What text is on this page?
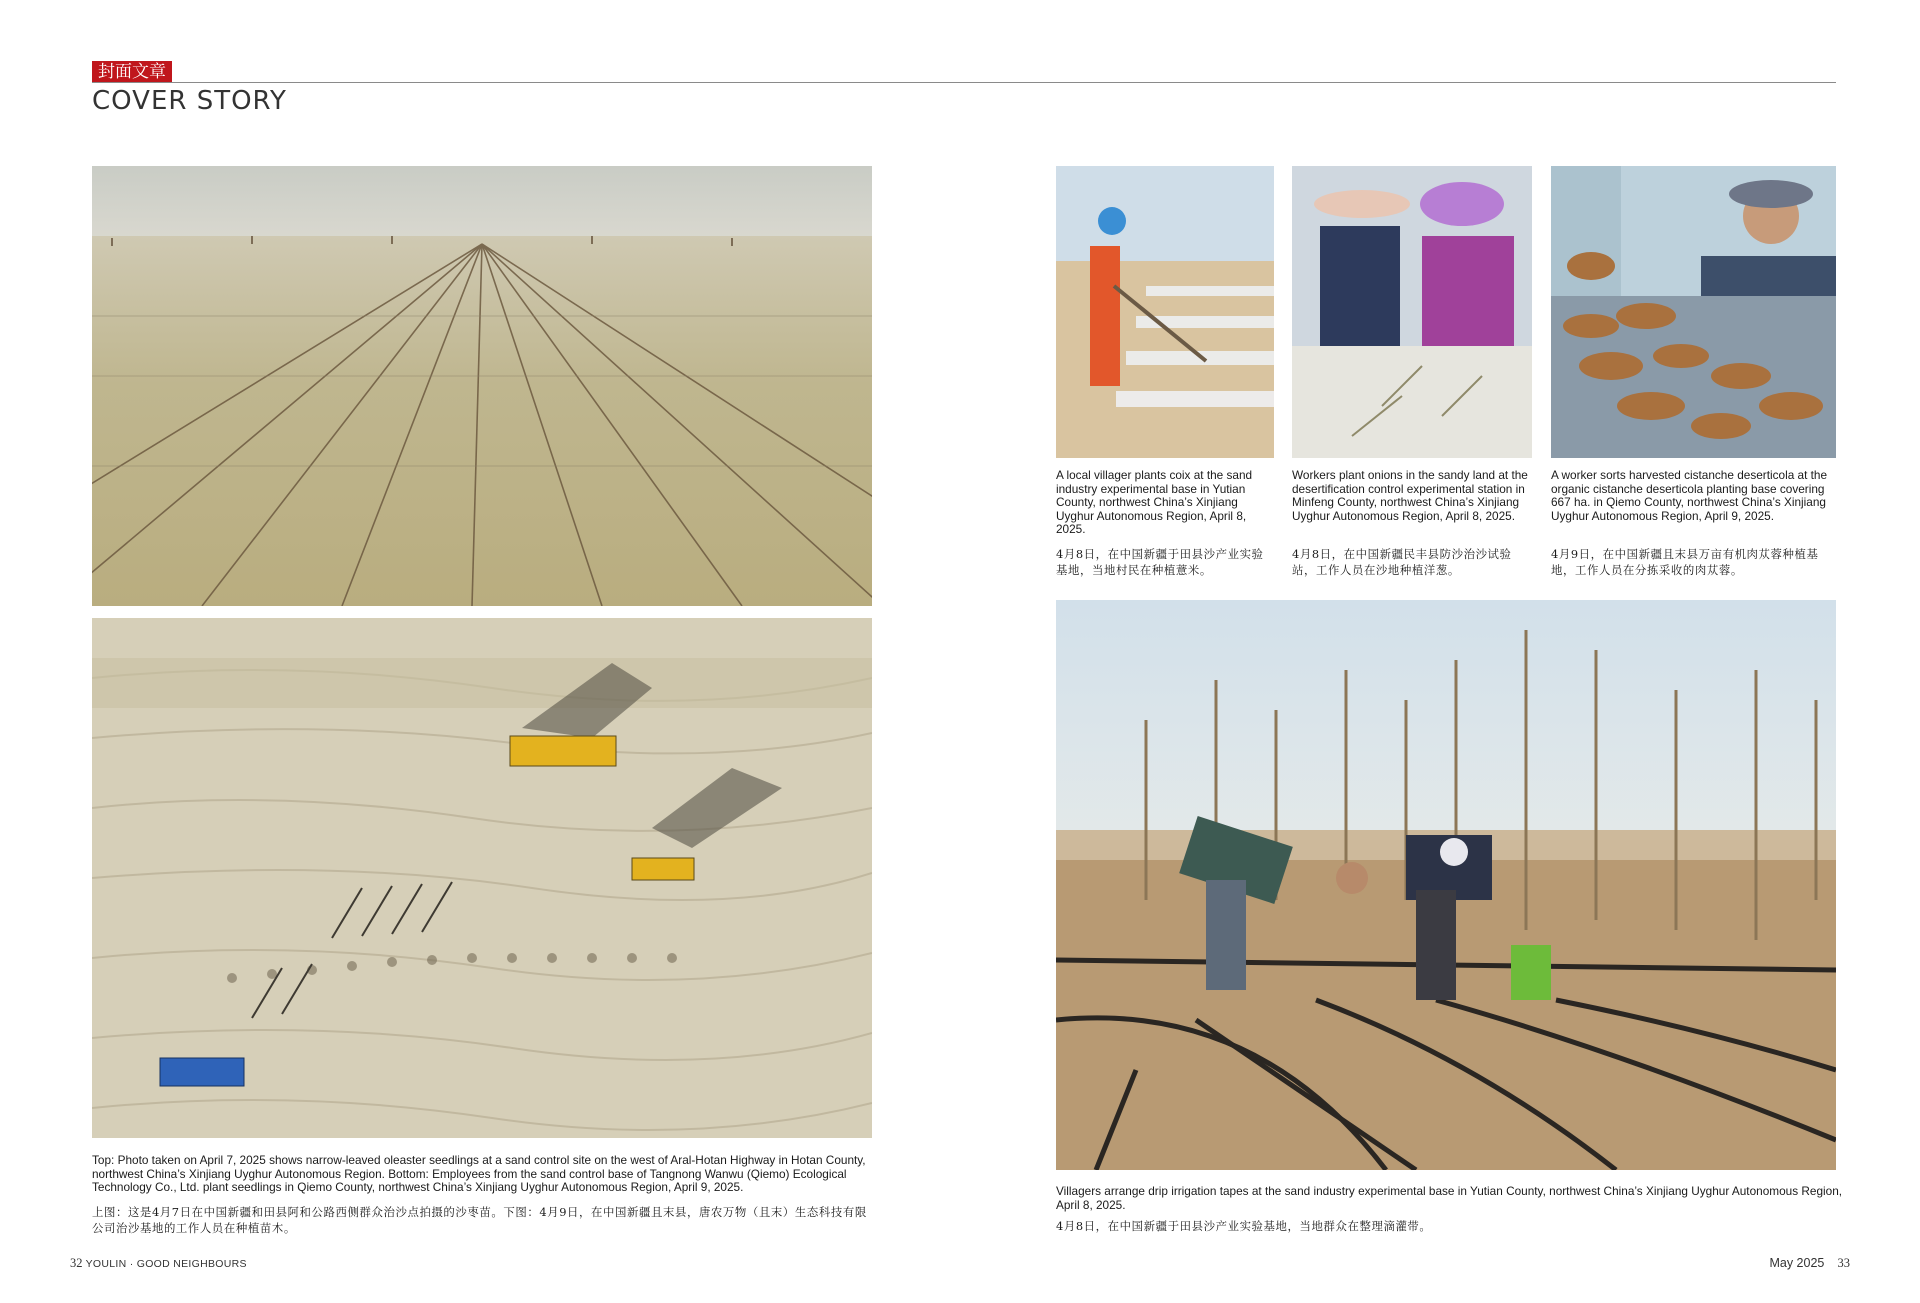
封面文章
COVER STORY
A local villager plants coix at the sand industry experimental base in Yutian County, northwest China’s Xinjiang Uyghur Autonomous Region, April 8, 2025.
4月8日，在中国新疆于田县沙产业实验基地，当地村民在种植薏米。
Workers plant onions in the sandy land at the desertification control experimental station in Minfeng County, northwest China’s Xinjiang Uyghur Autonomous Region, April 8, 2025.
4月8日，在中国新疆民丰县防沙治沙试验站，工作人员在沙地种植洋葱。
A worker sorts harvested cistanche deserticola at the organic cistanche deserticola planting base covering 667 ha. in Qiemo County, northwest China’s Xinjiang Uyghur Autonomous Region, April 9, 2025.
4月9日，在中国新疆且末县万亩有机肉苁蓉种植基地，工作人员在分拣采收的肉苁蓉。
Top: Photo taken on April 7, 2025 shows narrow-leaved oleaster seedlings at a sand control site on the west of Aral-Hotan Highway in Hotan County, northwest China’s Xinjiang Uyghur Autonomous Region. Bottom: Employees from the sand control base of Tangnong Wanwu (Qiemo) Ecological Technology Co., Ltd. plant seedlings in Qiemo County, northwest China’s Xinjiang Uyghur Autonomous Region, April 9, 2025.
上图：这是4月7日在中国新疆和田县阿和公路西侧群众治沙点拍摄的沙枣苗。下图：4月9日，在中国新疆且末县，唐农万物（且末）生态科技有限公司治沙基地的工作人员在种植苗木。
Villagers arrange drip irrigation tapes at the sand industry experimental base in Yutian County, northwest China’s Xinjiang Uyghur Autonomous Region, April 8, 2025.
4月8日，在中国新疆于田县沙产业实验基地，当地群众在整理滴灌带。
32 YOULIN · GOOD NEIGHBOURS	May 2025 33
